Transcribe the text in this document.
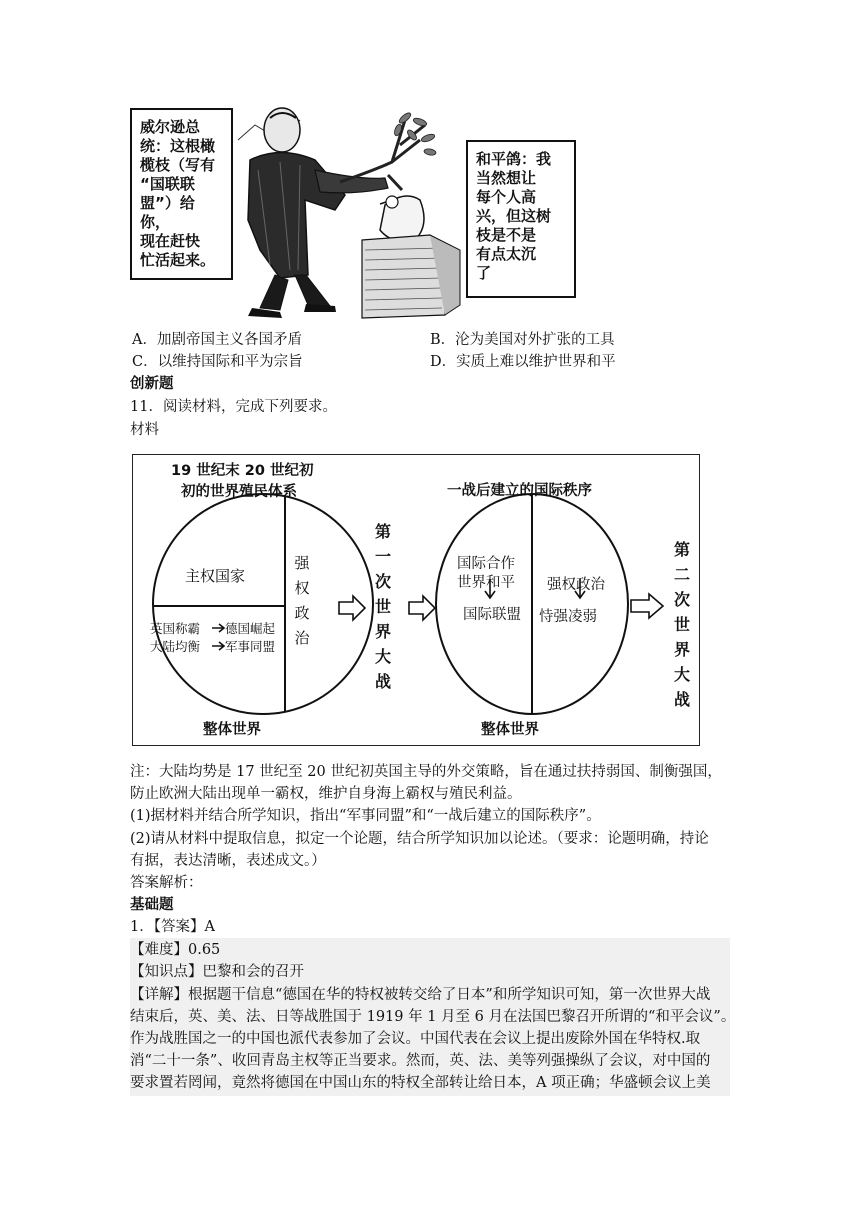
威尔逊总
统：这根橄
榄枝（写有
“国联联
盟”）给你，
现在赶快
忙活起来。
和平鸽：我
当然想让
每个人高
兴，但这树
枝是不是
有点太沉
了
A．加剧帝国主义各国矛盾	B．沦为美国对外扩张的工具
C．以维持国际和平为宗旨	D．实质上难以维护世界和平
创新题
11．阅读材料，完成下列要求。
材料
19 世纪末 20 世纪初
初的世界殖民体系
主权国家
强
权
政
治
英国称霸 德国崛起
大陆均衡 军事同盟
整体世界
第
一
次
世
界
大
战
一战后建立的国际秩序
国际合作
世界和平
国际联盟
强权政治
恃强凌弱
整体世界
第
二
次
世
界
大
战
注：大陆均势是 17 世纪至 20 世纪初英国主导的外交策略，旨在通过扶持弱国、制衡强国，
防止欧洲大陆出现单一霸权，维护自身海上霸权与殖民利益。
(1)据材料并结合所学知识，指出“军事同盟”和“一战后建立的国际秩序”。
(2)请从材料中提取信息，拟定一个论题，结合所学知识加以论述。（要求：论题明确，持论
有据，表达清晰，表述成文。）
答案解析：
基础题
1．【答案】A
【难度】0.65
【知识点】巴黎和会的召开
【详解】根据题干信息“德国在华的特权被转交给了日本”和所学知识可知，第一次世界大战
结束后，英、美、法、日等战胜国于 1919 年 1 月至 6 月在法国巴黎召开所谓的“和平会议”。
作为战胜国之一的中国也派代表参加了会议。中国代表在会议上提出废除外国在华特权.取
消“二十一条”、收回青岛主权等正当要求。然而，英、法、美等列强操纵了会议，对中国的
要求置若罔闻，竟然将德国在中国山东的特权全部转让给日本，A 项正确；华盛顿会议上美
